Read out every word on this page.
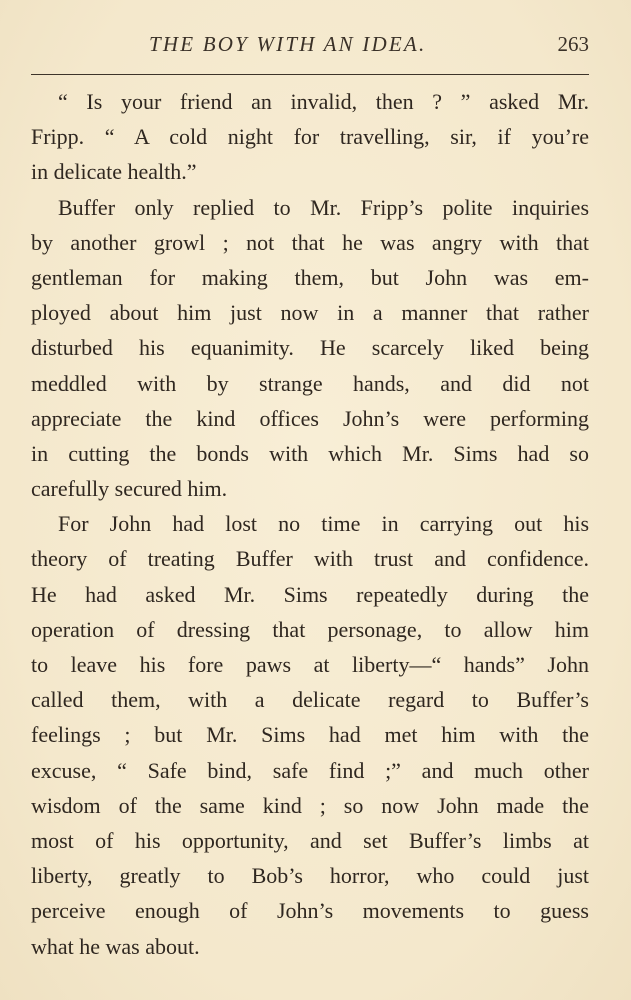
THE BOY WITH AN IDEA.	263
“ Is your friend an invalid, then ? ” asked Mr.
Fripp. “ A cold night for travelling, sir, if you’re
in delicate health.”
Buffer only replied to Mr. Fripp’s polite inquiries
by another growl ; not that he was angry with that
gentleman for making them, but John was em-
ployed about him just now in a manner that rather
disturbed his equanimity. He scarcely liked being
meddled with by strange hands, and did not
appreciate the kind offices John’s were performing
in cutting the bonds with which Mr. Sims had so
carefully secured him.
For John had lost no time in carrying out his
theory of treating Buffer with trust and confidence.
He had asked Mr. Sims repeatedly during the
operation of dressing that personage, to allow him
to leave his fore paws at liberty—“ hands” John
called them, with a delicate regard to Buffer’s
feelings ; but Mr. Sims had met him with the
excuse, “ Safe bind, safe find ;” and much other
wisdom of the same kind ; so now John made the
most of his opportunity, and set Buffer’s limbs at
liberty, greatly to Bob’s horror, who could just
perceive enough of John’s movements to guess
what he was about.
